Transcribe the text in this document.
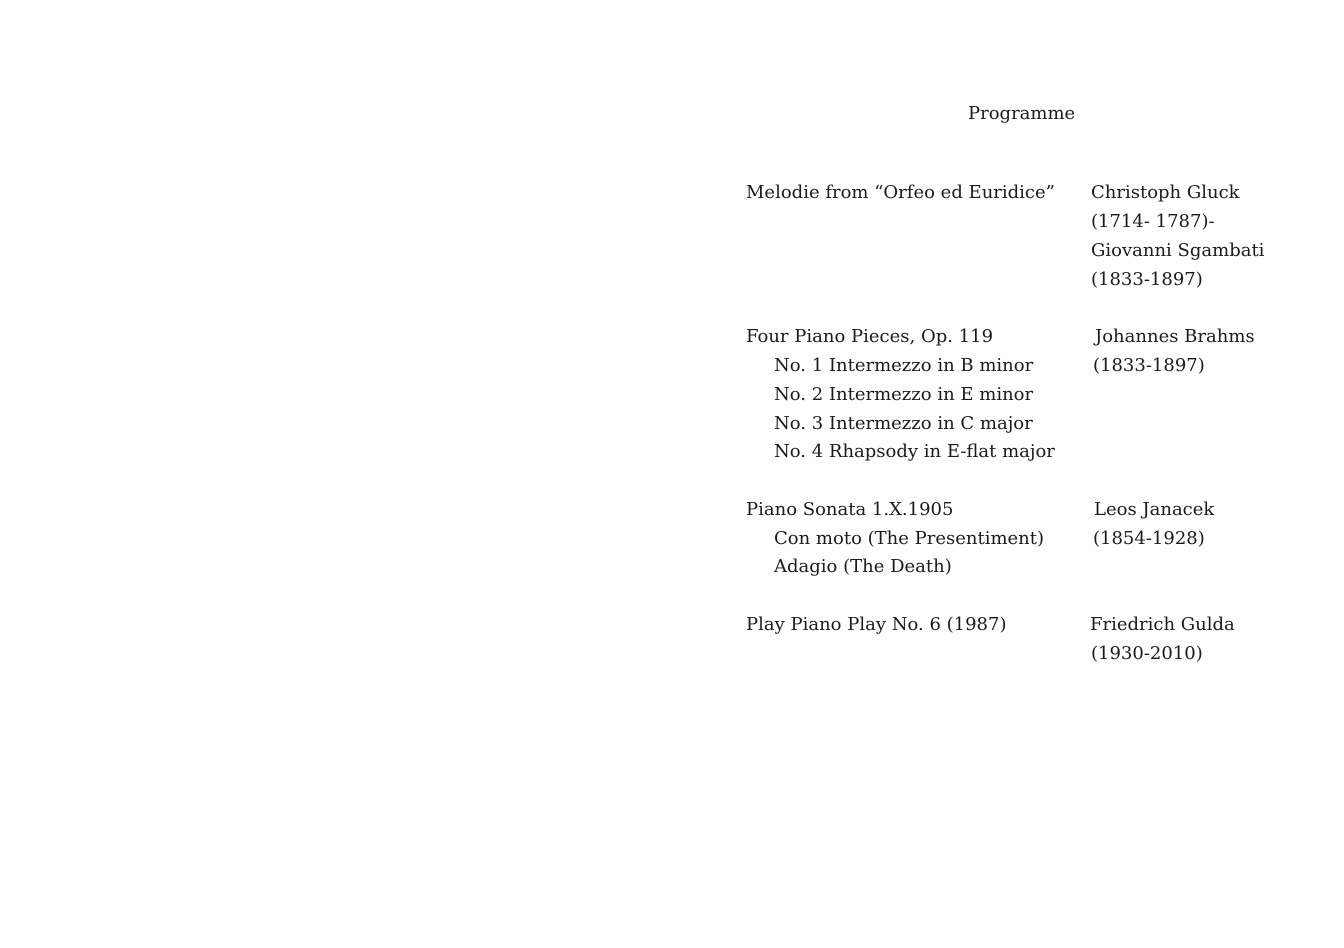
Programme
Melodie from “Orfeo ed Euridice” Christoph Gluck
(1714- 1787)-
Giovanni Sgambati
(1833-1897)
Four Piano Pieces, Op. 119
No. 1 Intermezzo in B minor
No. 2 Intermezzo in E minor
No. 3 Intermezzo in C major
No. 4 Rhapsody in E-flat major
Johannes Brahms
(1833-1897)
Piano Sonata 1.X.1905
Con moto (The Presentiment)
Adagio (The Death)
Leos Janacek
(1854-1928)
Play Piano Play No. 6 (1987)	Friedrich Gulda
(1930-2010)
